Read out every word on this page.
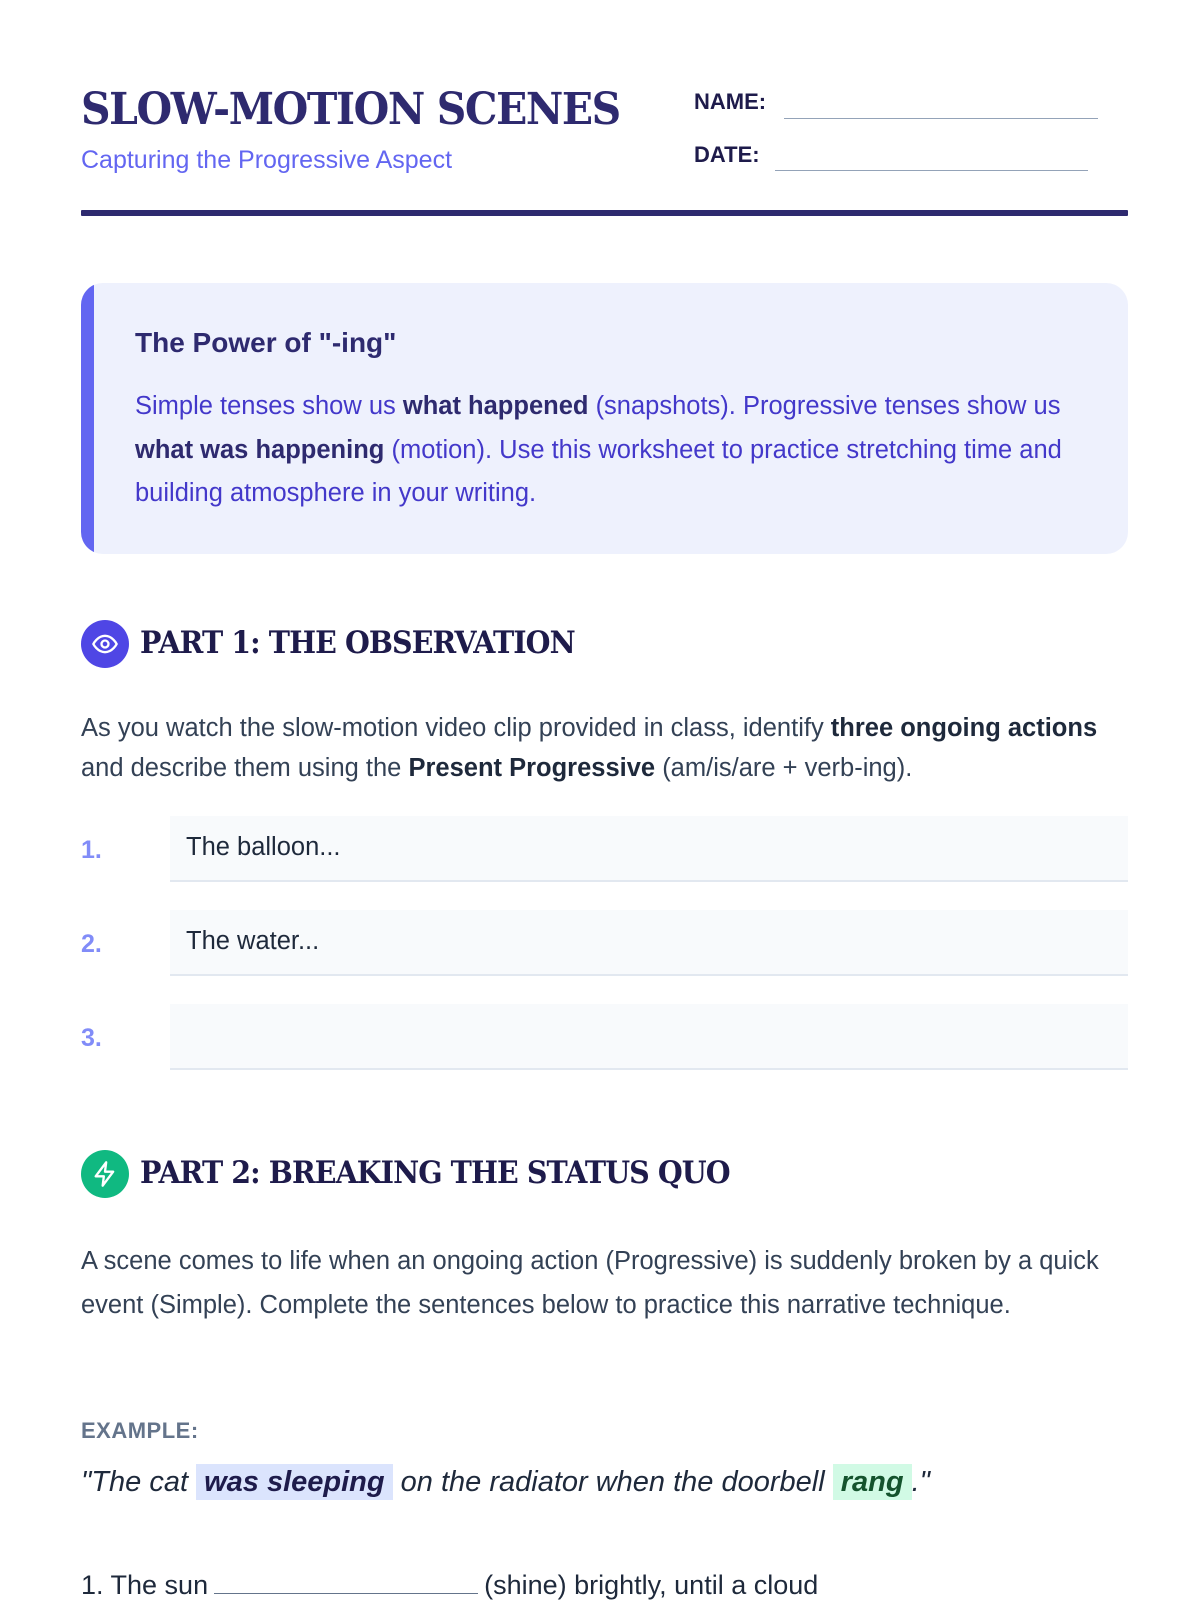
SLOW-MOTION SCENES
Capturing the Progressive Aspect
NAME:
DATE:
The Power of "-ing"
Simple tenses show us what happened (snapshots). Progressive tenses show us what was happening (motion). Use this worksheet to practice stretching time and building atmosphere in your writing.
PART 1: THE OBSERVATION
As you watch the slow-motion video clip provided in class, identify three ongoing actions and describe them using the Present Progressive (am/is/are + verb-ing).
1.	The balloon...
2.	The water...
3.
PART 2: BREAKING THE STATUS QUO
A scene comes to life when an ongoing action (Progressive) is suddenly broken by a quick event (Simple). Complete the sentences below to practice this narrative technique.
EXAMPLE:
"The cat was sleeping on the radiator when the doorbell rang ."
1. The sun	(shine) brightly, until a cloud
